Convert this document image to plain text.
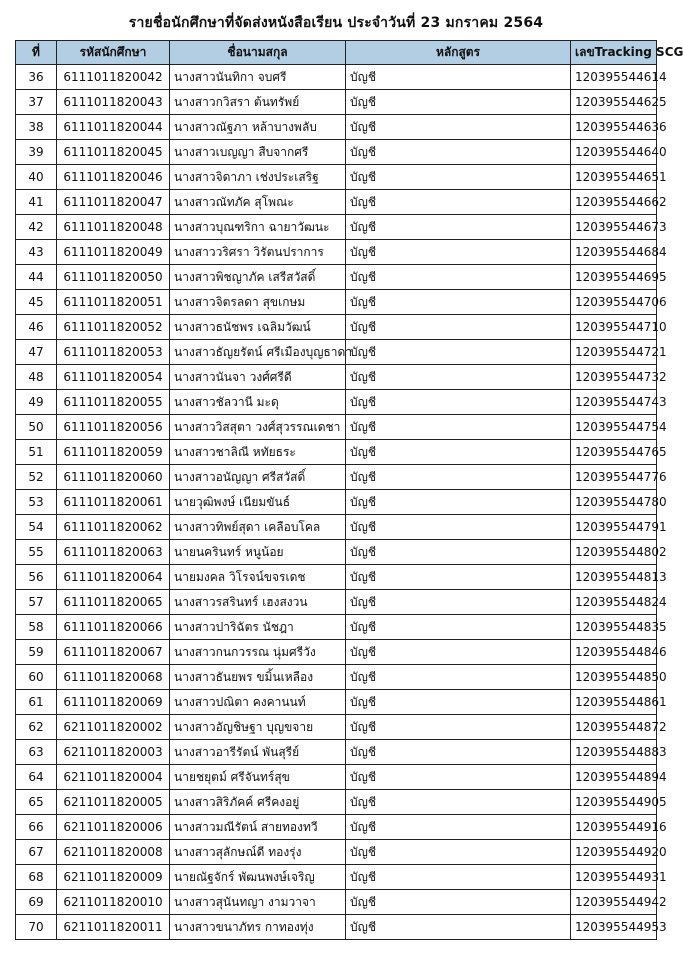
รายชื่อนักศึกษาที่จัดส่งหนังสือเรียน ประจำวันที่ 23 มกราคม 2564
ที่	รหัสนักศึกษา	ชื่อนามสกุล	หลักสูตร	เลขTracking SCG
36	6111011820042	นางสาวนันทิกา จบศรี	บัญชี	120395544614
37	6111011820043	นางสาวกวิสรา ต้นทรัพย์	บัญชี	120395544625
38	6111011820044	นางสาวณัฐภา หล้าบางพลับ	บัญชี	120395544636
39	6111011820045	นางสาวเบญญา สืบจากศรี	บัญชี	120395544640
40	6111011820046	นางสาวจิดาภา เช่งประเสริฐ	บัญชี	120395544651
41	6111011820047	นางสาวณัทภัค สุโพณะ	บัญชี	120395544662
42	6111011820048	นางสาวบุณฑริกา ฉายาวัฒนะ	บัญชี	120395544673
43	6111011820049	นางสาววริศรา วิรัตนปราการ	บัญชี	120395544684
44	6111011820050	นางสาวพิชญาภัค เสรีสวัสดิ์	บัญชี	120395544695
45	6111011820051	นางสาวจิตรลดา สุขเกษม	บัญชี	120395544706
46	6111011820052	นางสาวธนัชพร เฉลิมวัฒน์	บัญชี	120395544710
47	6111011820053	นางสาวธัญยรัตน์ ศรีเมืองบุญธาดา	บัญชี	120395544721
48	6111011820054	นางสาวนันจา วงศ์ศรีดี	บัญชี	120395544732
49	6111011820055	นางสาวชัลวานี มะดุ	บัญชี	120395544743
50	6111011820056	นางสาววิสสุตา วงศ์สุวรรณเดชา	บัญชี	120395544754
51	6111011820059	นางสาวชาลิณี หทัยธระ	บัญชี	120395544765
52	6111011820060	นางสาวอนัญญา ศรีสวัสดิ์	บัญชี	120395544776
53	6111011820061	นายวุฒิพงษ์ เนียมขันธ์	บัญชี	120395544780
54	6111011820062	นางสาวทิพย์สุดา เคลือบโคล	บัญชี	120395544791
55	6111011820063	นายนครินทร์ หนูน้อย	บัญชี	120395544802
56	6111011820064	นายมงคล วิโรจน์ขจรเดช	บัญชี	120395544813
57	6111011820065	นางสาวรสรินทร์ เฮงสงวน	บัญชี	120395544824
58	6111011820066	นางสาวปาริฉัตร นัชฎา	บัญชี	120395544835
59	6111011820067	นางสาวกนกวรรณ นุ่มศรีวัง	บัญชี	120395544846
60	6111011820068	นางสาวธันยพร ขมิ้นเหลือง	บัญชี	120395544850
61	6111011820069	นางสาวปณิตา คงคานนท์	บัญชี	120395544861
62	6211011820002	นางสาวอัญชิษฐา บุญขจาย	บัญชี	120395544872
63	6211011820003	นางสาวอารีรัตน์ พันสุรีย์	บัญชี	120395544883
64	6211011820004	นายชยุตม์ ศรีจันทร์สุข	บัญชี	120395544894
65	6211011820005	นางสาวสิริภัคค์ ศรีคงอยู่	บัญชี	120395544905
66	6211011820006	นางสาวมณีรัตน์ สายทองทวี	บัญชี	120395544916
67	6211011820008	นางสาวสุลักษณ์ดี ทองรุ่ง	บัญชี	120395544920
68	6211011820009	นายณัฐจักร์ พัฒนพงษ์เจริญ	บัญชี	120395544931
69	6211011820010	นางสาวสุนันทญา งามวาจา	บัญชี	120395544942
70	6211011820011	นางสาวขนาภัทร กาทองทุ่ง	บัญชี	120395544953
